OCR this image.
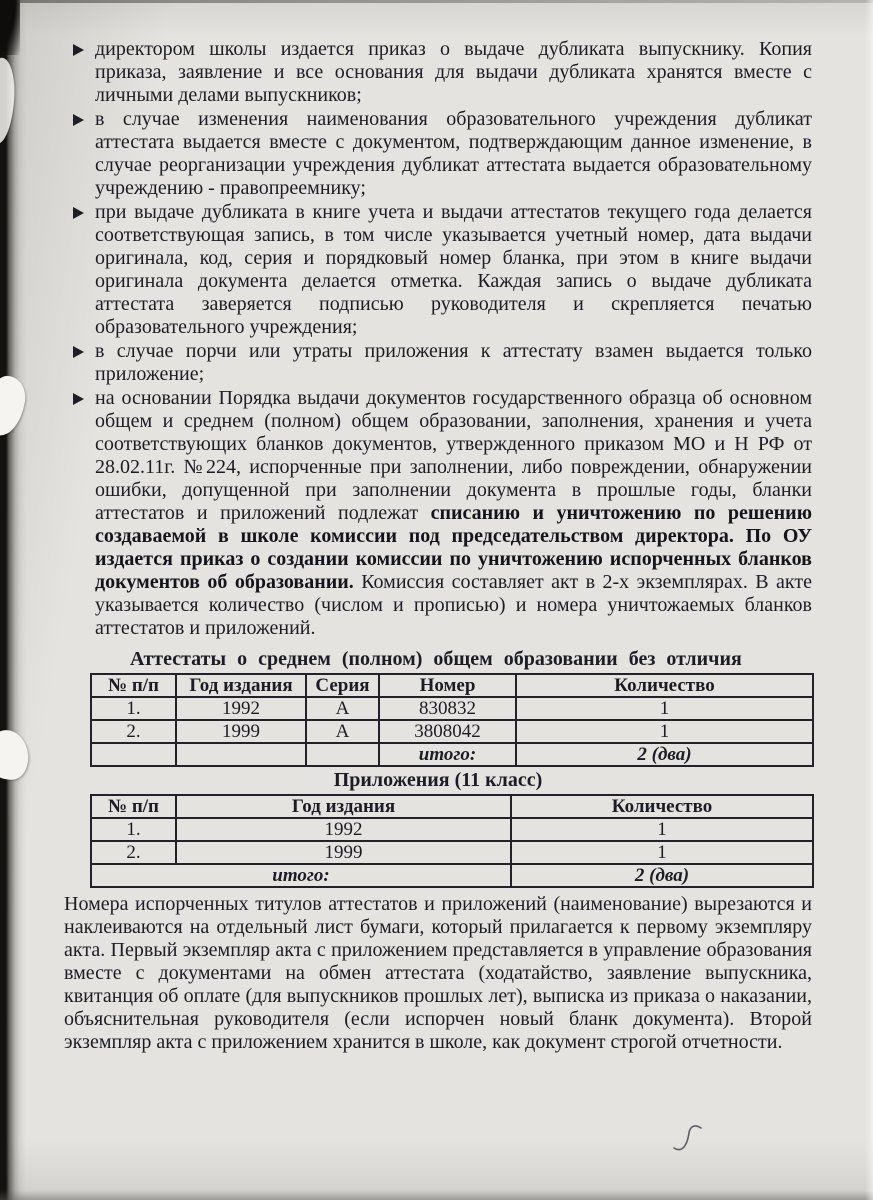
директором школы издается приказ о выдаче дубликата выпускнику. Копия приказа, заявление и все основания для выдачи дубликата хранятся вместе с личными делами выпускников;
в случае изменения наименования образовательного учреждения дубликат аттестата выдается вместе с документом, подтверждающим данное изменение, в случае реорганизации учреждения дубликат аттестата выдается образовательному учреждению - правопреемнику;
при выдаче дубликата в книге учета и выдачи аттестатов текущего года делается соответствующая запись, в том числе указывается учетный номер, дата выдачи оригинала, код, серия и порядковый номер бланка, при этом в книге выдачи оригинала документа делается отметка. Каждая запись о выдаче дубликата аттестата заверяется подписью руководителя и скрепляется печатью образовательного учреждения;
в случае порчи или утраты приложения к аттестату взамен выдается только приложение;
на основании Порядка выдачи документов государственного образца об основном общем и среднем (полном) общем образовании, заполнения, хранения и учета соответствующих бланков документов, утвержденного приказом МО и Н РФ от 28.02.11г. №224, испорченные при заполнении, либо повреждении, обнаружении ошибки, допущенной при заполнении документа в прошлые годы, бланки аттестатов и приложений подлежат списанию и уничтожению по решению создаваемой в школе комиссии под председательством директора. По ОУ издается приказ о создании комиссии по уничтожению испорченных бланков документов об образовании. Комиссия составляет акт в 2-х экземплярах. В акте указывается количество (числом и прописью) и номера уничтожаемых бланков аттестатов и приложений.
Аттестаты о среднем (полном) общем образовании без отличия
№ п/п	Год издания	Серия	Номер	Количество
1.	1992	А	830832	1
2.	1999	А	3808042	1
			итого:	2 (два)
Приложения (11 класс)
№ п/п	Год издания	Количество
1.	1992	1
2.	1999	1
итого:		2 (два)

Номера испорченных титулов аттестатов и приложений (наименование) вырезаются и наклеиваются на отдельный лист бумаги, который прилагается к первому экземпляру акта. Первый экземпляр акта с приложением представляется в управление образования вместе с документами на обмен аттестата (ходатайство, заявление выпускника, квитанция об оплате (для выпускников прошлых лет), выписка из приказа о наказании, объяснительная руководителя (если испорчен новый бланк документа). Второй экземпляр акта с приложением хранится в школе, как документ строгой отчетности.
